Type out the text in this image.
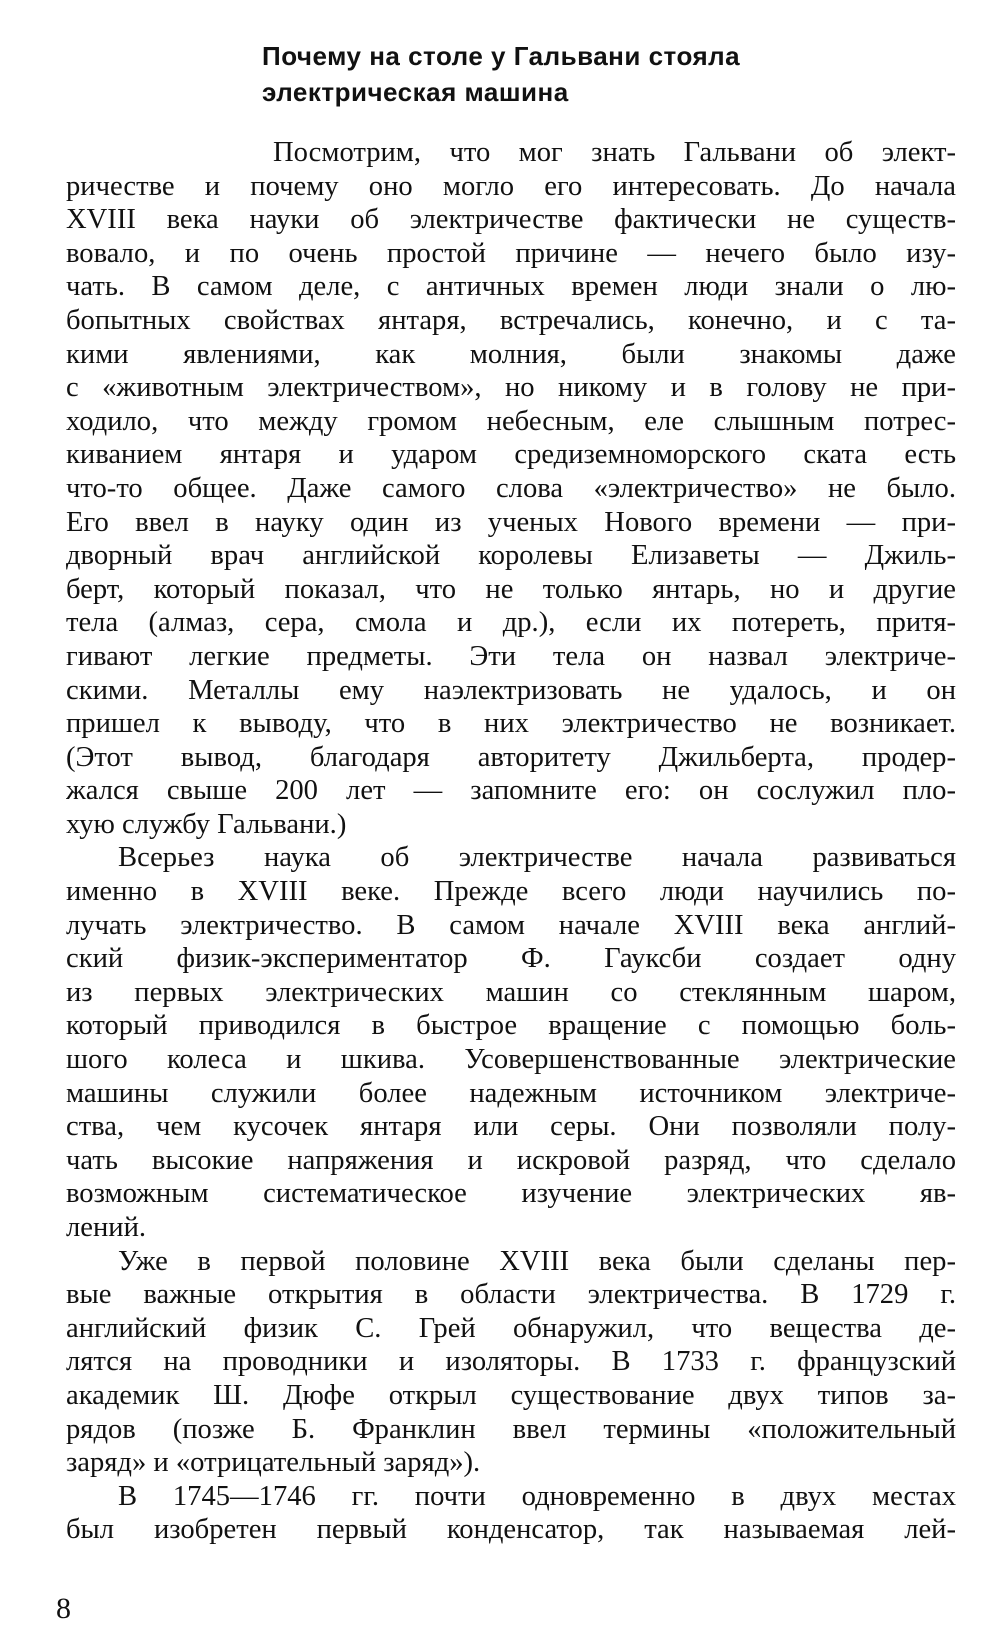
Почему на столе у Гальвани стояла
электрическая машина

Посмотрим, что мог знать Гальвани об элект-
ричестве и почему оно могло его интересовать. До начала
XVIII века науки об электричестве фактически не существ-
вовало, и по очень простой причине — нечего было изу-
чать. В самом деле, с античных времен люди знали о лю-
бопытных свойствах янтаря, встречались, конечно, и с та-
кими явлениями, как молния, были знакомы даже
с «животным электричеством», но никому и в голову не при-
ходило, что между громом небесным, еле слышным потрес-
киванием янтаря и ударом средиземноморского ската есть
что-то общее. Даже самого слова «электричество» не было.
Его ввел в науку один из ученых Нового времени — при-
дворный врач английской королевы Елизаветы — Джиль-
берт, который показал, что не только янтарь, но и другие
тела (алмаз, сера, смола и др.), если их потереть, притя-
гивают легкие предметы. Эти тела он назвал электриче-
скими. Металлы ему наэлектризовать не удалось, и он
пришел к выводу, что в них электричество не возникает.
(Этот вывод, благодаря авторитету Джильберта, продер-
жался свыше 200 лет — запомните его: он сослужил пло-
хую службу Гальвани.)

Всерьез наука об электричестве начала развиваться
именно в XVIII веке. Прежде всего люди научились по-
лучать электричество. В самом начале XVIII века англий-
ский физик-экспериментатор Ф. Гауксби создает одну
из первых электрических машин со стеклянным шаром,
который приводился в быстрое вращение с помощью боль-
шого колеса и шкива. Усовершенствованные электрические
машины служили более надежным источником электриче-
ства, чем кусочек янтаря или серы. Они позволяли полу-
чать высокие напряжения и искровой разряд, что сделало
возможным систематическое изучение электрических яв-
лений.

Уже в первой половине XVIII века были сделаны пер-
вые важные открытия в области электричества. В 1729 г.
английский физик С. Грей обнаружил, что вещества де-
лятся на проводники и изоляторы. В 1733 г. французский
академик Ш. Дюфе открыл существование двух типов за-
рядов (позже Б. Франклин ввел термины «положительный
заряд» и «отрицательный заряд»).

В 1745—1746 гг. почти одновременно в двух местах
был изобретен первый конденсатор, так называемая лей-

8
